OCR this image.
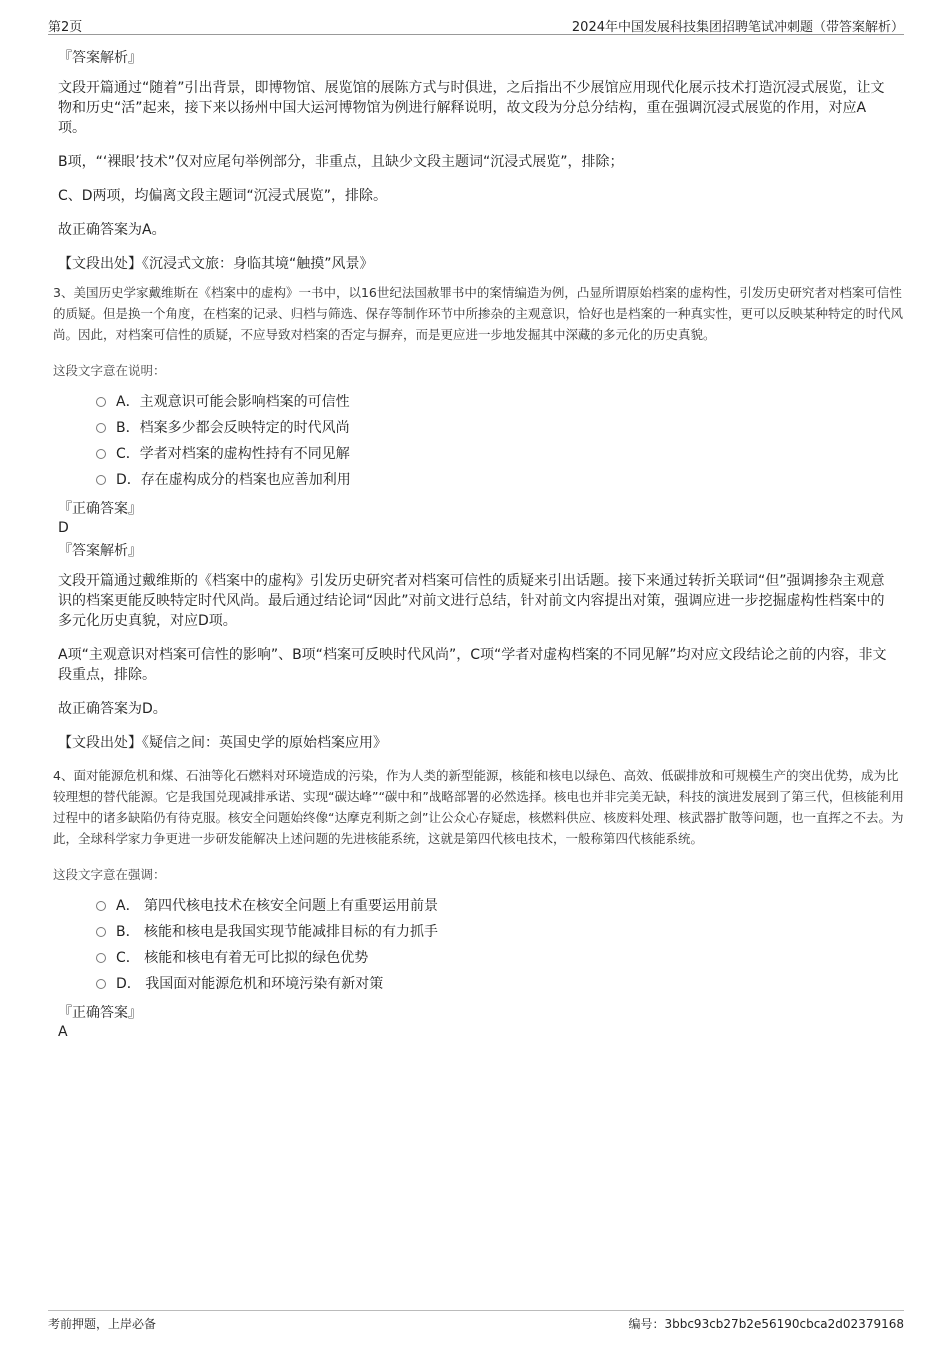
第2页	2024年中国发展科技集团招聘笔试冲刺题（带答案解析）
『答案解析』
文段开篇通过“随着”引出背景，即博物馆、展览馆的展陈方式与时俱进，之后指出不少展馆应用现代化展示技术打造沉浸式展览，让文物和历史“活”起来，接下来以扬州中国大运河博物馆为例进行解释说明，故文段为分总分结构，重在强调沉浸式展览的作用，对应A项。
B项，“‘裸眼’技术”仅对应尾句举例部分，非重点，且缺少文段主题词“沉浸式展览”，排除；
C、D两项，均偏离文段主题词“沉浸式展览”，排除。
故正确答案为A。
【文段出处】《沉浸式文旅：身临其境“触摸”风景》
3、美国历史学家戴维斯在《档案中的虚构》一书中，以16世纪法国赦罪书中的案情编造为例，凸显所谓原始档案的虚构性，引发历史研究者对档案可信性的质疑。但是换一个角度，在档案的记录、归档与筛选、保存等制作环节中所掺杂的主观意识，恰好也是档案的一种真实性，更可以反映某种特定的时代风尚。因此，对档案可信性的质疑，不应导致对档案的否定与摒弃，而是更应进一步地发掘其中深藏的多元化的历史真貌。
这段文字意在说明：
A．主观意识可能会影响档案的可信性
B．档案多少都会反映特定的时代风尚
C．学者对档案的虚构性持有不同见解
D．存在虚构成分的档案也应善加利用
『正确答案』
D
『答案解析』
文段开篇通过戴维斯的《档案中的虚构》引发历史研究者对档案可信性的质疑来引出话题。接下来通过转折关联词“但”强调掺杂主观意识的档案更能反映特定时代风尚。最后通过结论词“因此”对前文进行总结，针对前文内容提出对策，强调应进一步挖掘虚构性档案中的多元化历史真貌，对应D项。
A项“主观意识对档案可信性的影响”、B项“档案可反映时代风尚”，C项“学者对虚构档案的不同见解”均对应文段结论之前的内容，非文段重点，排除。
故正确答案为D。
【文段出处】《疑信之间：英国史学的原始档案应用》
4、面对能源危机和煤、石油等化石燃料对环境造成的污染，作为人类的新型能源，核能和核电以绿色、高效、低碳排放和可规模生产的突出优势，成为比较理想的替代能源。它是我国兑现减排承诺、实现“碳达峰”“碳中和”战略部署的必然选择。核电也并非完美无缺，科技的演进发展到了第三代，但核能利用过程中的诸多缺陷仍有待克服。核安全问题始终像“达摩克利斯之剑”让公众心存疑虑，核燃料供应、核废料处理、核武器扩散等问题，也一直挥之不去。为此，全球科学家力争更进一步研发能解决上述问题的先进核能系统，这就是第四代核电技术，一般称第四代核能系统。
这段文字意在强调：
A． 第四代核电技术在核安全问题上有重要运用前景
B． 核能和核电是我国实现节能减排目标的有力抓手
C． 核能和核电有着无可比拟的绿色优势
D． 我国面对能源危机和环境污染有新对策
『正确答案』
A
考前押题，上岸必备	编号：3bbc93cb27b2e56190cbca2d02379168
